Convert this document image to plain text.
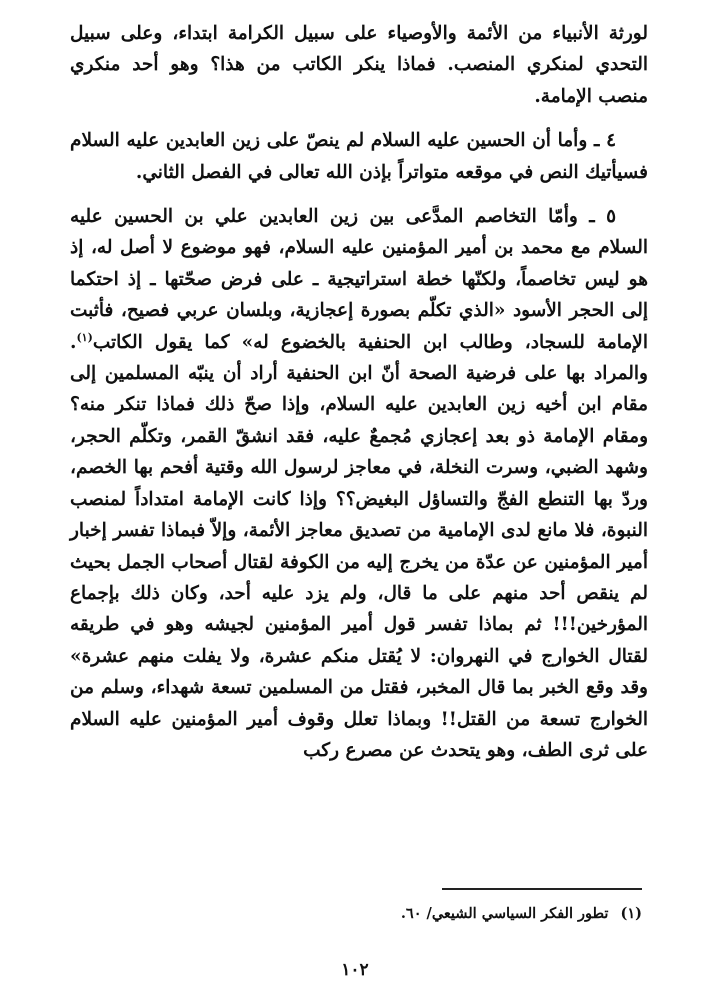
لورثة الأنبياء من الأئمة والأوصياء على سبيل الكرامة ابتداء، وعلى سبيل التحدي لمنكري المنصب. فماذا ينكر الكاتب من هذا؟ وهو أحد منكري منصب الإمامة.

٤ ـ وأما أن الحسين عليه السلام لم ينصّ على زين العابدين عليه السلام فسيأتيك النص في موقعه متواتراً بإذن الله تعالى في الفصل الثاني.

٥ ـ وأمّا التخاصم المدَّعى بين زين العابدين علي بن الحسين عليه السلام مع محمد بن أمير المؤمنين عليه السلام، فهو موضوع لا أصل له، إذ هو ليس تخاصماً، ولكنّها خطة استراتيجية ـ على فرض صحّتها ـ إذ احتكما إلى الحجر الأسود «الذي تكلّم بصورة إعجازية، وبلسان عربي فصيح، فأثبت الإمامة للسجاد، وطالب ابن الحنفية بالخضوع له» كما يقول الكاتب$^{(١)}$. والمراد بها على فرضية الصحة أنّ ابن الحنفية أراد أن ينبّه المسلمين إلى مقام ابن أخيه زين العابدين عليه السلام، وإذا صحّ ذلك فماذا تنكر منه؟ ومقام الإمامة ذو بعد إعجازي مُجمعٌ عليه، فقد انشقّ القمر، وتكلّم الحجر، وشهد الضبي، وسرت النخلة، في معاجز لرسول الله وقتية أفحم بها الخصم، وردّ بها التنطع الفجّ والتساؤل البغيض؟؟ وإذا كانت الإمامة امتداداً لمنصب النبوة، فلا مانع لدى الإمامية من تصديق معاجز الأئمة، وإلاّ فبماذا تفسر إخبار أمير المؤمنين عن عدّة من يخرج إليه من الكوفة لقتال أصحاب الجمل بحيث لم ينقص أحد منهم على ما قال، ولم يزد عليه أحد، وكان ذلك بإجماع المؤرخين!!! ثم بماذا تفسر قول أمير المؤمنين لجيشه وهو في طريقه لقتال الخوارج في النهروان: لا يُقتل منكم عشرة، ولا يفلت منهم عشرة» وقد وقع الخبر بما قال المخبر، فقتل من المسلمين تسعة شهداء، وسلم من الخوارج تسعة من القتل!! وبماذا تعلل وقوف أمير المؤمنين عليه السلام على ثرى الطف، وهو يتحدث عن مصرع ركب

(١)تطور الفكر السياسي الشيعي/ ٦٠.
١٠٢
